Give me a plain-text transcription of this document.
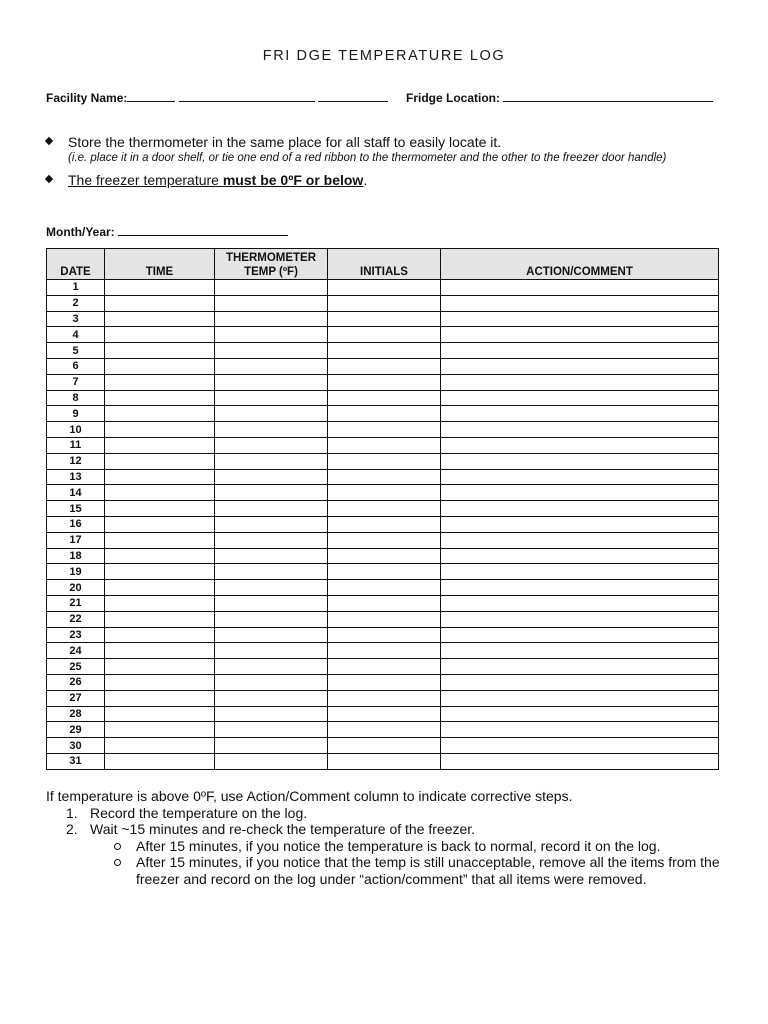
FRI DGE TEMPERATURE LOG
Facility Name:	Fridge Location:
Store the thermometer in the same place for all staff to easily locate it.
(i.e. place it in a door shelf, or tie one end of a red ribbon to the thermometer and the other to the freezer door handle)
The freezer temperature must be 0ºF or below.
Month/Year:
DATE	TIME	THERMOMETER TEMP (ºF)	INITIALS	ACTION/COMMENT
1				
2				
3				
4				
5				
6				
7				
8				
9				
10				
11				
12				
13				
14				
15				
16				
17				
18				
19				
20				
21				
22				
23				
24				
25				
26				
27				
28				
29				
30				
31				
If temperature is above 0ºF, use Action/Comment column to indicate corrective steps.
1. Record the temperature on the log.
2. Wait ~15 minutes and re-check the temperature of the freezer.
After 15 minutes, if you notice the temperature is back to normal, record it on the log.
After 15 minutes, if you notice that the temp is still unacceptable, remove all the items from the freezer and record on the log under “action/comment” that all items were removed.
